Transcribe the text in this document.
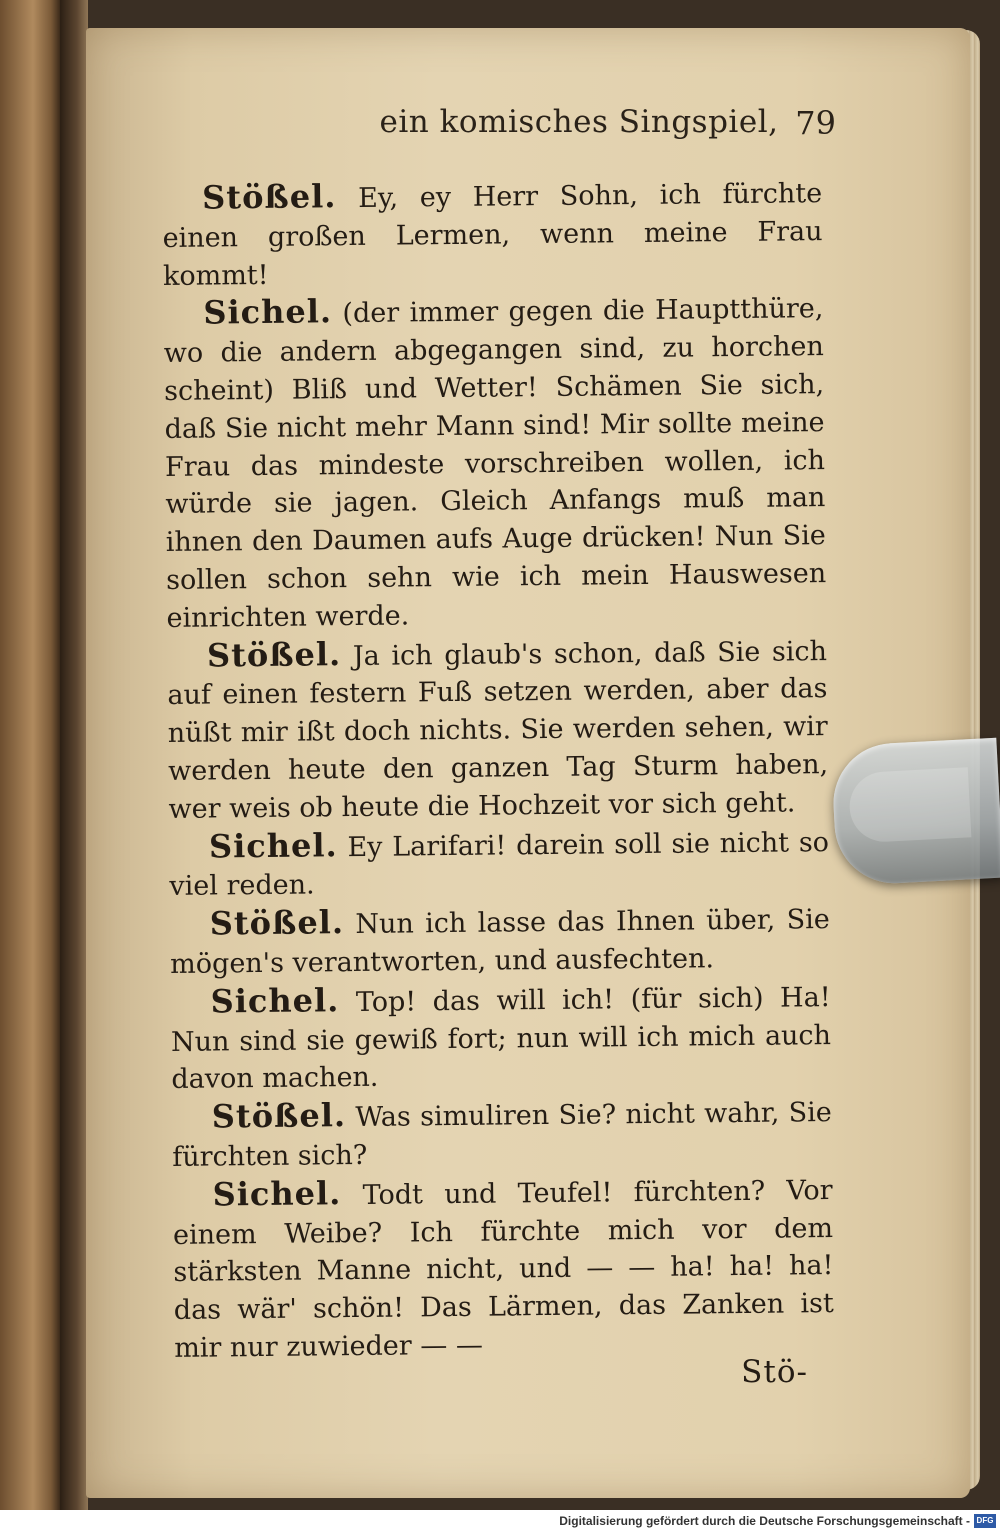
ein komisches Singspiel, 79

Stößel. Ey, ey Herr Sohn, ich fürchte einen großen Lermen, wenn meine Frau kommt!

Sichel. (der immer gegen die Hauptthüre, wo die andern abgegangen sind, zu horchen scheint) Bliß und Wetter! Schämen Sie sich, daß Sie nicht mehr Mann sind! Mir sollte meine Frau das mindeste vorschreiben wollen, ich würde sie jagen. Gleich Anfangs muß man ihnen den Daumen aufs Auge drücken! Nun Sie sollen schon sehn wie ich mein Hauswesen einrichten werde.

Stößel. Ja ich glaub's schon, daß Sie sich auf einen festern Fuß setzen werden, aber das nüßt mir ißt doch nichts. Sie werden sehen, wir werden heute den ganzen Tag Sturm haben, wer weis ob heute die Hochzeit vor sich geht.

Sichel. Ey Larifari! darein soll sie nicht so viel reden.

Stößel. Nun ich lasse das Ihnen über, Sie mögen's verantworten, und ausfechten.

Sichel. Top! das will ich! (für sich) Ha! Nun sind sie gewiß fort; nun will ich mich auch davon machen.

Stößel. Was simuliren Sie? nicht wahr, Sie fürchten sich?

Sichel. Todt und Teufel! fürchten? Vor einem Weibe? Ich fürchte mich vor dem stärksten Manne nicht, und — — ha! ha! ha! das wär' schön! Das Lärmen, das Zanken ist mir nur zuwieder — —

Stö-
Digitalisierung gefördert durch die Deutsche Forschungsgemeinschaft - DFG
